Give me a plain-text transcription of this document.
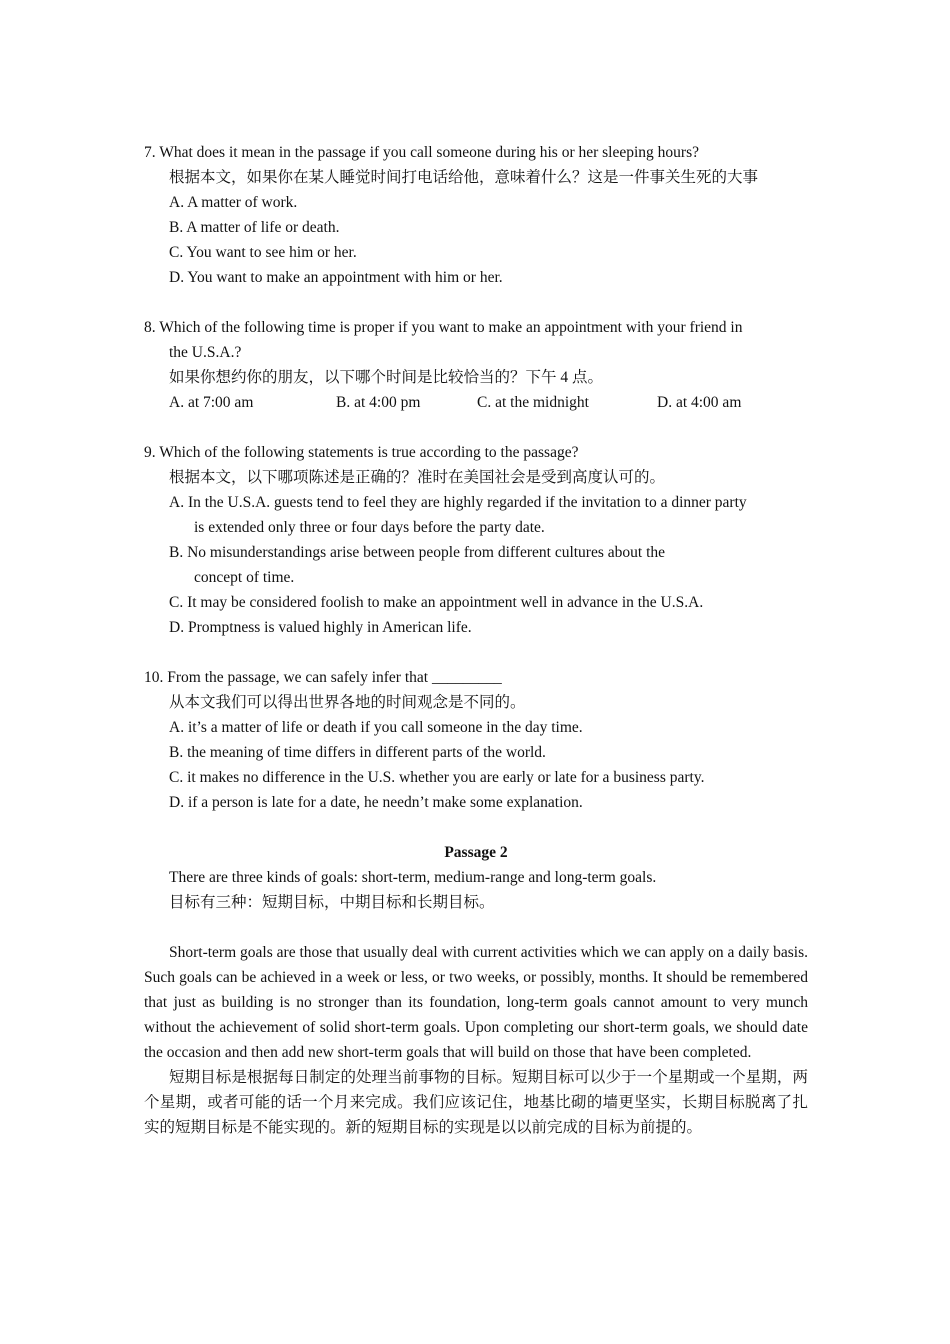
7. What does it mean in the passage if you call someone during his or her sleeping hours?
根据本文，如果你在某人睡觉时间打电话给他，意味着什么？这是一件事关生死的大事
A. A matter of work.
B. A matter of life or death.
C. You want to see him or her.
D. You want to make an appointment with him or her.
8. Which of the following time is proper if you want to make an appointment with your friend in
the U.S.A.?
如果你想约你的朋友，以下哪个时间是比较恰当的？下午 4 点。
A. at 7:00 am	B. at 4:00 pm	C. at the midnight	D. at 4:00 am
9. Which of the following statements is true according to the passage?
根据本文，以下哪项陈述是正确的？准时在美国社会是受到高度认可的。
A. In the U.S.A. guests tend to feel they are highly regarded if the invitation to a dinner party
is extended only three or four days before the party date.
B. No misunderstandings arise between people from different cultures about the
concept of time.
C. It may be considered foolish to make an appointment well in advance in the U.S.A.
D. Promptness is valued highly in American life.
10. From the passage, we can safely infer that _________
从本文我们可以得出世界各地的时间观念是不同的。
A. it’s a matter of life or death if you call someone in the day time.
B. the meaning of time differs in different parts of the world.
C. it makes no difference in the U.S. whether you are early or late for a business party.
D. if a person is late for a date, he needn’t make some explanation.
Passage 2
There are three kinds of goals: short-term, medium-range and long-term goals.
目标有三种：短期目标，中期目标和长期目标。
Short-term goals are those that usually deal with current activities which we can apply on a daily basis. Such goals can be achieved in a week or less, or two weeks, or possibly, months. It should be remembered that just as building is no stronger than its foundation, long-term goals cannot amount to very munch without the achievement of solid short-term goals. Upon completing our short-term goals, we should date the occasion and then add new short-term goals that will build on those that have been completed.
短期目标是根据每日制定的处理当前事物的目标。短期目标可以少于一个星期或一个星期，两个星期，或者可能的话一个月来完成。我们应该记住，地基比砌的墙更坚实，长期目标脱离了扎实的短期目标是不能实现的。新的短期目标的实现是以以前完成的目标为前提的。
